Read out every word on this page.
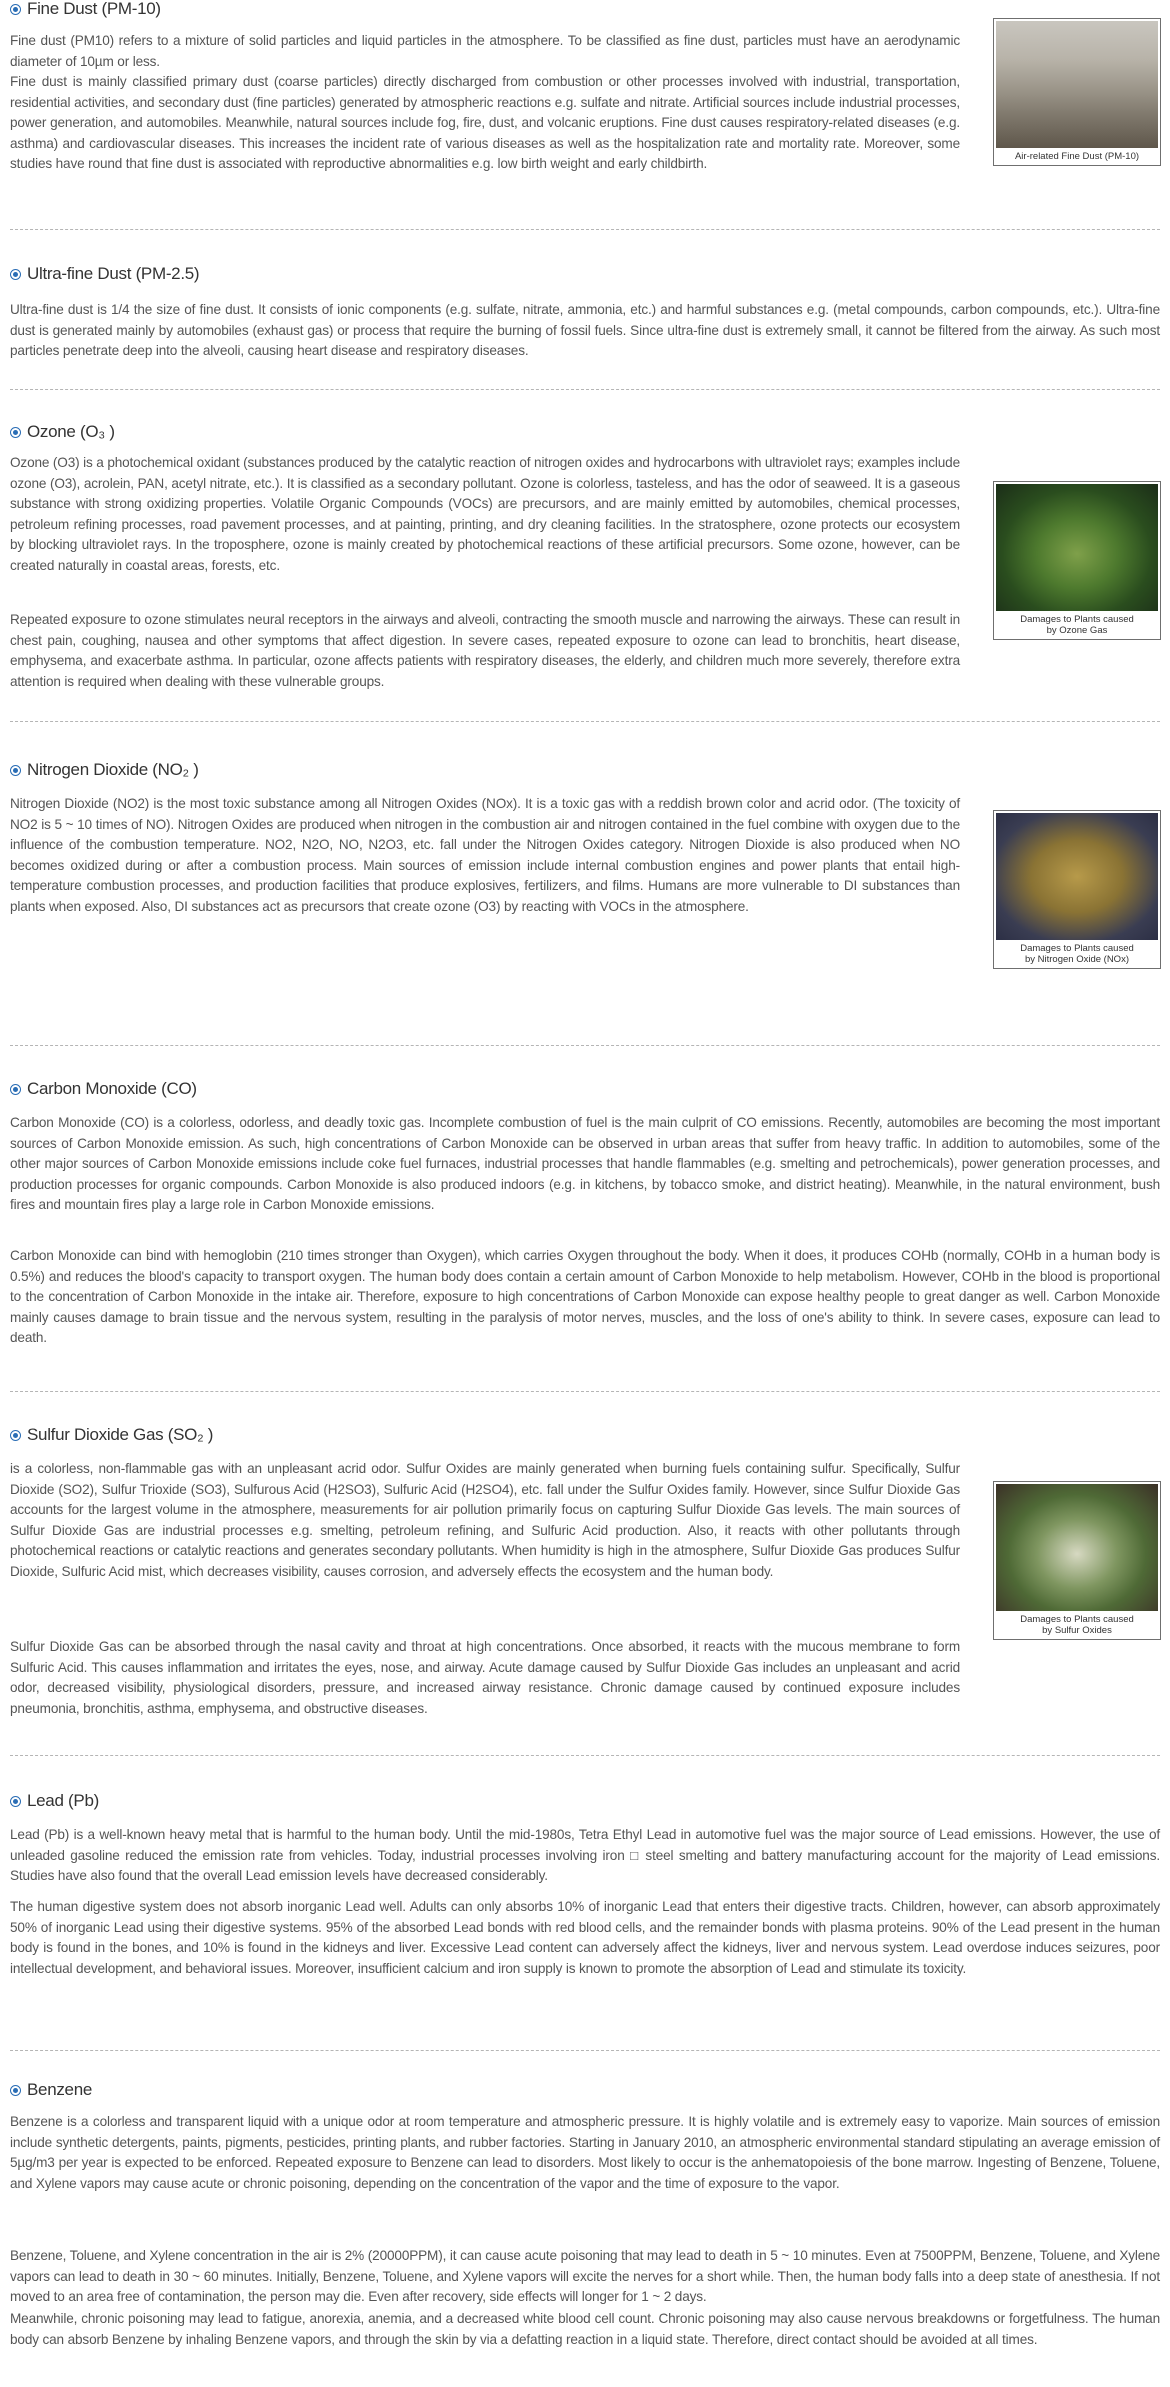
Fine Dust (PM-10)

Fine dust (PM10) refers to a mixture of solid particles and liquid particles in the atmosphere. To be classified as fine dust, particles must have an aerodynamic diameter of 10µm or less.

Fine dust is mainly classified primary dust (coarse particles) directly discharged from combustion or other processes involved with industrial, transportation, residential activities, and secondary dust (fine particles) generated by atmospheric reactions e.g. sulfate and nitrate. Artificial sources include industrial processes, power generation, and automobiles. Meanwhile, natural sources include fog, fire, dust, and volcanic eruptions. Fine dust causes respiratory-related diseases (e.g. asthma) and cardiovascular diseases. This increases the incident rate of various diseases as well as the hospitalization rate and mortality rate. Moreover, some studies have round that fine dust is associated with reproductive abnormalities e.g. low birth weight and early childbirth.	Air-related Fine Dust (PM-10)
Ultra-fine Dust (PM-2.5)

Ultra-fine dust is 1/4 the size of fine dust. It consists of ionic components (e.g. sulfate, nitrate, ammonia, etc.) and harmful substances e.g. (metal compounds, carbon compounds, etc.). Ultra-fine dust is generated mainly by automobiles (exhaust gas) or process that require the burning of fossil fuels. Since ultra-fine dust is extremely small, it cannot be filtered from the airway. As such most particles penetrate deep into the alveoli, causing heart disease and respiratory diseases.

Ozone (O₃ )

Ozone (O3) is a photochemical oxidant (substances produced by the catalytic reaction of nitrogen oxides and hydrocarbons with ultraviolet rays; examples include ozone (O3), acrolein, PAN, acetyl nitrate, etc.). It is classified as a secondary pollutant. Ozone is colorless, tasteless, and has the odor of seaweed. It is a gaseous substance with strong oxidizing properties. Volatile Organic Compounds (VOCs) are precursors, and are mainly emitted by automobiles, chemical processes, petroleum refining processes, road pavement processes, and at painting, printing, and dry cleaning facilities. In the stratosphere, ozone protects our ecosystem by blocking ultraviolet rays. In the troposphere, ozone is mainly created by photochemical reactions of these artificial precursors. Some ozone, however, can be created naturally in coastal areas, forests, etc.

Repeated exposure to ozone stimulates neural receptors in the airways and alveoli, contracting the smooth muscle and narrowing the airways. These can result in chest pain, coughing, nausea and other symptoms that affect digestion. In severe cases, repeated exposure to ozone can lead to bronchitis, heart disease, emphysema, and exacerbate asthma. In particular, ozone affects patients with respiratory diseases, the elderly, and children much more severely, therefore extra attention is required when dealing with these vulnerable groups.

Damages to Plants caused
by Ozone Gas
Nitrogen Dioxide (NO₂ )

Nitrogen Dioxide (NO2) is the most toxic substance among all Nitrogen Oxides (NOx). It is a toxic gas with a reddish brown color and acrid odor. (The toxicity of NO2 is 5 ~ 10 times of NO). Nitrogen Oxides are produced when nitrogen in the combustion air and nitrogen contained in the fuel combine with oxygen due to the influence of the combustion temperature. NO2, N2O, NO, N2O3, etc. fall under the Nitrogen Oxides category. Nitrogen Dioxide is also produced when NO becomes oxidized during or after a combustion process. Main sources of emission include internal combustion engines and power plants that entail high-temperature combustion processes, and production facilities that produce explosives, fertilizers, and films. Humans are more vulnerable to DI substances than plants when exposed. Also, DI substances act as precursors that create ozone (O3) by reacting with VOCs in the atmosphere.

Damages to Plants caused
by Nitrogen Oxide (NOx)
Carbon Monoxide (CO)

Carbon Monoxide (CO) is a colorless, odorless, and deadly toxic gas. Incomplete combustion of fuel is the main culprit of CO emissions. Recently, automobiles are becoming the most important sources of Carbon Monoxide emission. As such, high concentrations of Carbon Monoxide can be observed in urban areas that suffer from heavy traffic. In addition to automobiles, some of the other major sources of Carbon Monoxide emissions include coke fuel furnaces, industrial processes that handle flammables (e.g. smelting and petrochemicals), power generation processes, and production processes for organic compounds. Carbon Monoxide is also produced indoors (e.g. in kitchens, by tobacco smoke, and district heating). Meanwhile, in the natural environment, bush fires and mountain fires play a large role in Carbon Monoxide emissions.

Carbon Monoxide can bind with hemoglobin (210 times stronger than Oxygen), which carries Oxygen throughout the body. When it does, it produces COHb (normally, COHb in a human body is 0.5%) and reduces the blood's capacity to transport oxygen. The human body does contain a certain amount of Carbon Monoxide to help metabolism. However, COHb in the blood is proportional to the concentration of Carbon Monoxide in the intake air. Therefore, exposure to high concentrations of Carbon Monoxide can expose healthy people to great danger as well. Carbon Monoxide mainly causes damage to brain tissue and the nervous system, resulting in the paralysis of motor nerves, muscles, and the loss of one's ability to think. In severe cases, exposure can lead to death.

Sulfur Dioxide Gas (SO₂ )

is a colorless, non-flammable gas with an unpleasant acrid odor. Sulfur Oxides are mainly generated when burning fuels containing sulfur. Specifically, Sulfur Dioxide (SO2), Sulfur Trioxide (SO3), Sulfurous Acid (H2SO3), Sulfuric Acid (H2SO4), etc. fall under the Sulfur Oxides family. However, since Sulfur Dioxide Gas accounts for the largest volume in the atmosphere, measurements for air pollution primarily focus on capturing Sulfur Dioxide Gas levels. The main sources of Sulfur Dioxide Gas are industrial processes e.g. smelting, petroleum refining, and Sulfuric Acid production. Also, it reacts with other pollutants through photochemical reactions or catalytic reactions and generates secondary pollutants. When humidity is high in the atmosphere, Sulfur Dioxide Gas produces Sulfur Dioxide, Sulfuric Acid mist, which decreases visibility, causes corrosion, and adversely effects the ecosystem and the human body.

Sulfur Dioxide Gas can be absorbed through the nasal cavity and throat at high concentrations. Once absorbed, it reacts with the mucous membrane to form Sulfuric Acid. This causes inflammation and irritates the eyes, nose, and airway. Acute damage caused by Sulfur Dioxide Gas includes an unpleasant and acrid odor, decreased visibility, physiological disorders, pressure, and increased airway resistance. Chronic damage caused by continued exposure includes pneumonia, bronchitis, asthma, emphysema, and obstructive diseases.

Damages to Plants caused
by Sulfur Oxides
Lead (Pb)

Lead (Pb) is a well-known heavy metal that is harmful to the human body. Until the mid-1980s, Tetra Ethyl Lead in automotive fuel was the major source of Lead emissions. However, the use of unleaded gasoline reduced the emission rate from vehicles. Today, industrial processes involving iron □ steel smelting and battery manufacturing account for the majority of Lead emissions. Studies have also found that the overall Lead emission levels have decreased considerably.

The human digestive system does not absorb inorganic Lead well. Adults can only absorbs 10% of inorganic Lead that enters their digestive tracts. Children, however, can absorb approximately 50% of inorganic Lead using their digestive systems. 95% of the absorbed Lead bonds with red blood cells, and the remainder bonds with plasma proteins. 90% of the Lead present in the human body is found in the bones, and 10% is found in the kidneys and liver. Excessive Lead content can adversely affect the kidneys, liver and nervous system. Lead overdose induces seizures, poor intellectual development, and behavioral issues. Moreover, insufficient calcium and iron supply is known to promote the absorption of Lead and stimulate its toxicity.

Benzene

Benzene is a colorless and transparent liquid with a unique odor at room temperature and atmospheric pressure. It is highly volatile and is extremely easy to vaporize. Main sources of emission include synthetic detergents, paints, pigments, pesticides, printing plants, and rubber factories. Starting in January 2010, an atmospheric environmental standard stipulating an average emission of 5µg/m3 per year is expected to be enforced. Repeated exposure to Benzene can lead to disorders. Most likely to occur is the anhematopoiesis of the bone marrow. Ingesting of Benzene, Toluene, and Xylene vapors may cause acute or chronic poisoning, depending on the concentration of the vapor and the time of exposure to the vapor.

Benzene, Toluene, and Xylene concentration in the air is 2% (20000PPM), it can cause acute poisoning that may lead to death in 5 ~ 10 minutes. Even at 7500PPM, Benzene, Toluene, and Xylene vapors can lead to death in 30 ~ 60 minutes. Initially, Benzene, Toluene, and Xylene vapors will excite the nerves for a short while. Then, the human body falls into a deep state of anesthesia. If not moved to an area free of contamination, the person may die. Even after recovery, side effects will longer for 1 ~ 2 days.

Meanwhile, chronic poisoning may lead to fatigue, anorexia, anemia, and a decreased white blood cell count. Chronic poisoning may also cause nervous breakdowns or forgetfulness. The human body can absorb Benzene by inhaling Benzene vapors, and through the skin by via a defatting reaction in a liquid state. Therefore, direct contact should be avoided at all times.
